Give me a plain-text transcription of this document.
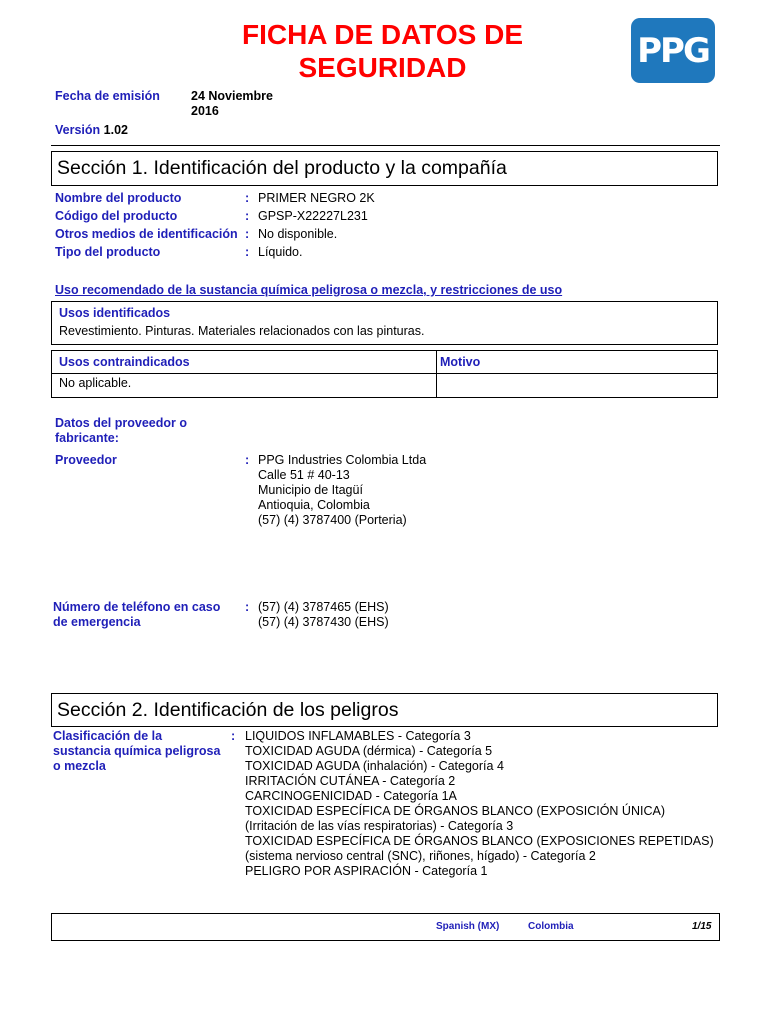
FICHA DE DATOS DE
SEGURIDAD	PPG
Fecha de emisión 24 Noviembre
2016
Versión 1.02
Sección 1. Identificación del producto y la compañía
Nombre del producto	: PRIMER NEGRO 2K
Código del producto	: GPSP-X22227L231
Otros medios de identificación : No disponible.
Tipo del producto	: Líquido.
Uso recomendado de la sustancia química peligrosa o mezcla, y restricciones de uso
Usos identificados
Revestimiento. Pinturas. Materiales relacionados con las pinturas.
Usos contraindicados	Motivo
No aplicable.
Datos del proveedor o
fabricante:
Proveedor	: PPG Industries Colombia Ltda
Calle 51 # 40-13
Municipio de Itagüí
Antioquia, Colombia
(57) (4) 3787400 (Porteria)
Número de teléfono en caso
de emergencia
: (57) (4) 3787465 (EHS)
(57) (4) 3787430 (EHS)
Sección 2. Identificación de los peligros
Clasificación de la
sustancia química peligrosa
o mezcla
: LIQUIDOS INFLAMABLES - Categoría 3
TOXICIDAD AGUDA (dérmica) - Categoría 5
TOXICIDAD AGUDA (inhalación) - Categoría 4
IRRITACIÓN CUTÁNEA - Categoría 2
CARCINOGENICIDAD - Categoría 1A
TOXICIDAD ESPECÍFICA DE ÓRGANOS BLANCO (EXPOSICIÓN ÚNICA)
(Irritación de las vías respiratorias) - Categoría 3
TOXICIDAD ESPECÍFICA DE ÓRGANOS BLANCO (EXPOSICIONES REPETIDAS)
(sistema nervioso central (SNC), riñones, hígado) - Categoría 2
PELIGRO POR ASPIRACIÓN - Categoría 1
Spanish (MX)	Colombia	1/15
